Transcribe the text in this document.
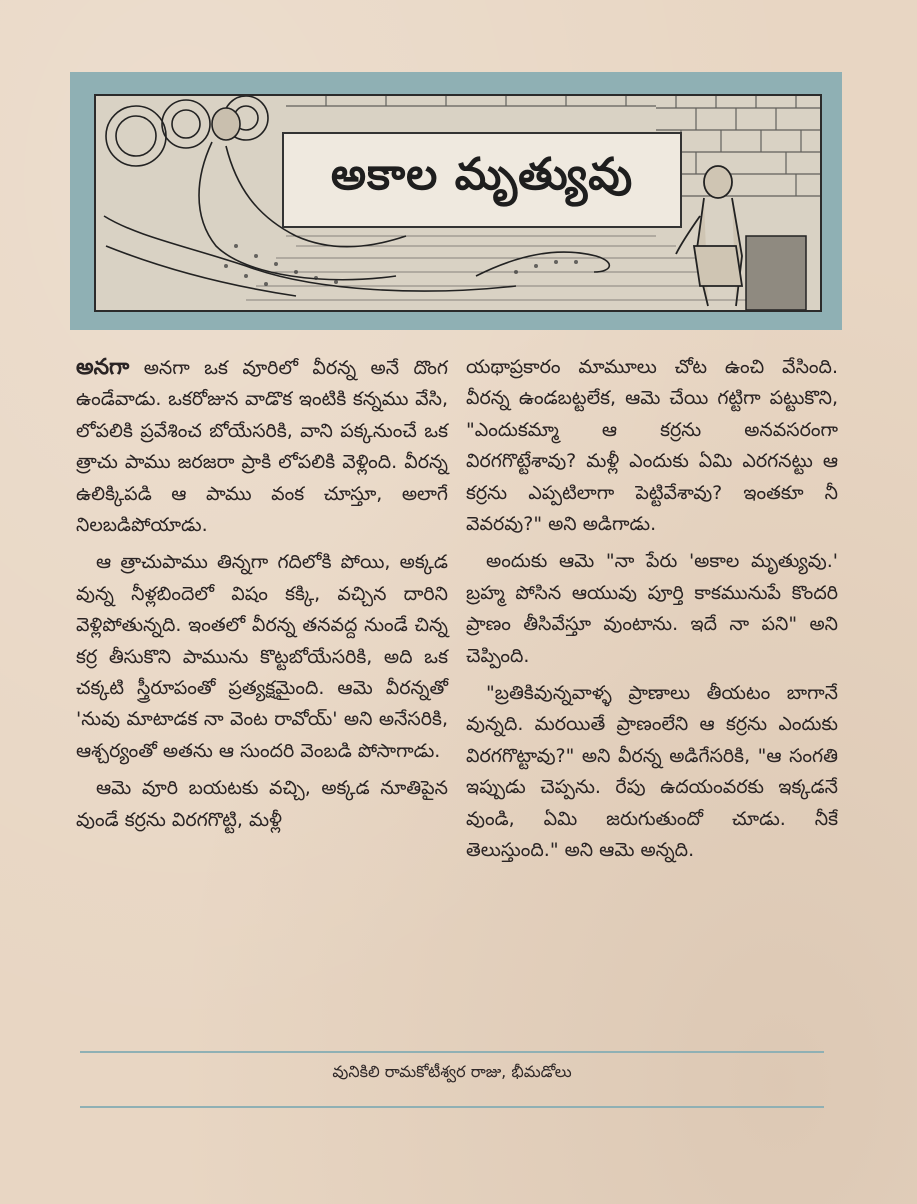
అకాల మృత్యువు

అనగా అనగా ఒక వూరిలో వీరన్న అనే దొంగ ఉండేవాడు. ఒకరోజున వాడొక ఇంటికి కన్నము వేసి, లోపలికి ప్రవేశించ బోయేసరికి, వాని పక్కనుంచే ఒక త్రాచు పాము జరజరా ప్రాకి లోపలికి వెళ్లింది. వీరన్న ఉలిక్కిపడి ఆ పాము వంక చూస్తూ, అలాగే నిలబడిపోయాడు.

ఆ త్రాచుపాము తిన్నగా గదిలోకి పోయి, అక్కడ వున్న నీళ్లబిందెలో విషం కక్కి, వచ్చిన దారిని వెళ్లిపోతున్నది. ఇంతలో వీరన్న తనవద్ద నుండే చిన్న కర్ర తీసుకొని పామును కొట్టబోయేసరికి, అది ఒక చక్కటి స్త్రీరూపంతో ప్రత్యక్షమైంది. ఆమె వీరన్నతో 'నువు మాటాడక నా వెంట రావోయ్' అని అనేసరికి, ఆశ్చర్యంతో అతను ఆ సుందరి వెంబడి పోసాగాడు.

ఆమె వూరి బయటకు వచ్చి, అక్కడ నూతిపైన వుండే కర్రను విరగగొట్టి, మళ్లీ

యథాప్రకారం మామూలు చోట ఉంచి వేసింది. వీరన్న ఉండబట్టలేక, ఆమె చేయి గట్టిగా పట్టుకొని, "ఎందుకమ్మా ఆ కర్రను అనవసరంగా విరగగొట్టేశావు? మళ్లీ ఎందుకు ఏమి ఎరగనట్టు ఆ కర్రను ఎప్పటిలాగా పెట్టివేశావు? ఇంతకూ నీ వెవరవు?" అని అడిగాడు.

అందుకు ఆమె "నా పేరు 'అకాల మృత్యువు.' బ్రహ్మ పోసిన ఆయువు పూర్తి కాకమునుపే కొందరి ప్రాణం తీసివేస్తూ వుంటాను. ఇదే నా పని" అని చెప్పింది.

"బ్రతికివున్నవాళ్ళ ప్రాణాలు తీయటం బాగానే వున్నది. మరయితే ప్రాణంలేని ఆ కర్రను ఎందుకు విరగగొట్టావు?" అని వీరన్న అడిగేసరికి, "ఆ సంగతి ఇప్పుడు చెప్పను. రేపు ఉదయంవరకు ఇక్కడనే వుండి, ఏమి జరుగుతుందో చూడు. నీకే తెలుస్తుంది." అని ఆమె అన్నది.

వునికిలి రామకోటీశ్వర రాజు, భీమడోలు
